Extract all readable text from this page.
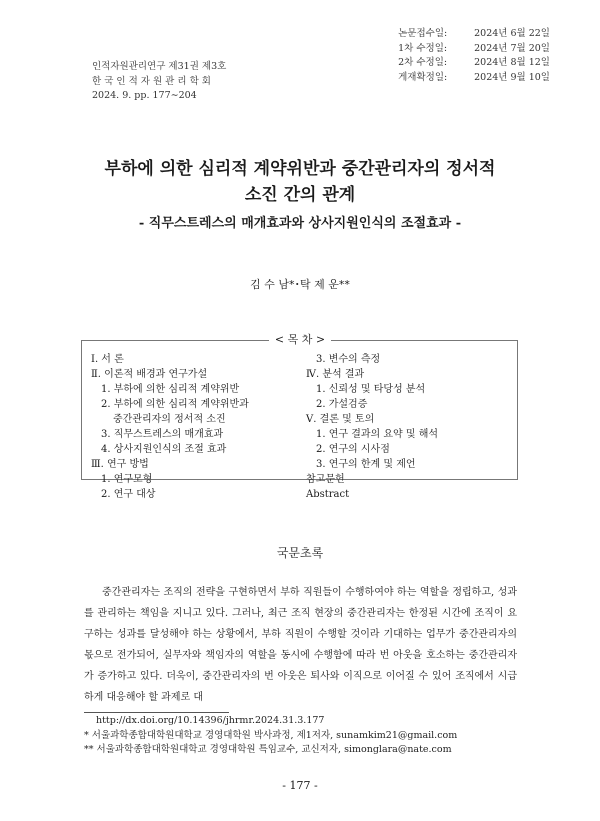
인적자원관리연구 제31권 제3호
한 국 인 적 자 원 관 리 학 회
2024. 9. pp. 177∼204
논문접수일:	2024년 6월 22일
1차 수정일:	2024년 7월 20일
2차 수정일:	2024년 8월 12일
게재확정일:	2024년 9월 10일
부하에 의한 심리적 계약위반과 중간관리자의 정서적
소진 간의 관계
- 직무스트레스의 매개효과와 상사지원인식의 조절효과 -
김 수 남*･탁 제 운**
< 목 차 >
Ⅰ. 서 론
Ⅱ. 이론적 배경과 연구가설
1. 부하에 의한 심리적 계약위반
2. 부하에 의한 심리적 계약위반과
중간관리자의 정서적 소진
3. 직무스트레스의 매개효과
4. 상사지원인식의 조절 효과
Ⅲ. 연구 방법
1. 연구모형
2. 연구 대상
3. 변수의 측정
Ⅳ. 분석 결과
1. 신뢰성 및 타당성 분석
2. 가설검증
Ⅴ. 결론 및 토의
1. 연구 결과의 요약 및 해석
2. 연구의 시사점
3. 연구의 한계 및 제언
참고문헌
Abstract
국문초록

중간관리자는 조직의 전략을 구현하면서 부하 직원들이 수행하여야 하는 역할을 정립하고, 성과를 관리하는 책임을 지니고 있다. 그러나, 최근 조직 현장의 중간관리자는 한정된 시간에 조직이 요구하는 성과를 달성해야 하는 상황에서, 부하 직원이 수행할 것이라 기대하는 업무가 중간관리자의 몫으로 전가되어, 실무자와 책임자의 역할을 동시에 수행함에 따라 번 아웃을 호소하는 중간관리자가 증가하고 있다. 더욱이, 중간관리자의 번 아웃은 퇴사와 이직으로 이어질 수 있어 조직에서 시급하게 대응해야 할 과제로 대

http://dx.doi.org/10.14396/jhrmr.2024.31.3.177
* 서울과학종합대학원대학교 경영대학원 박사과정, 제1저자, sunamkim21@gmail.com
** 서울과학종합대학원대학교 경영대학원 특임교수, 교신저자, simonglara@nate.com
- 177 -
